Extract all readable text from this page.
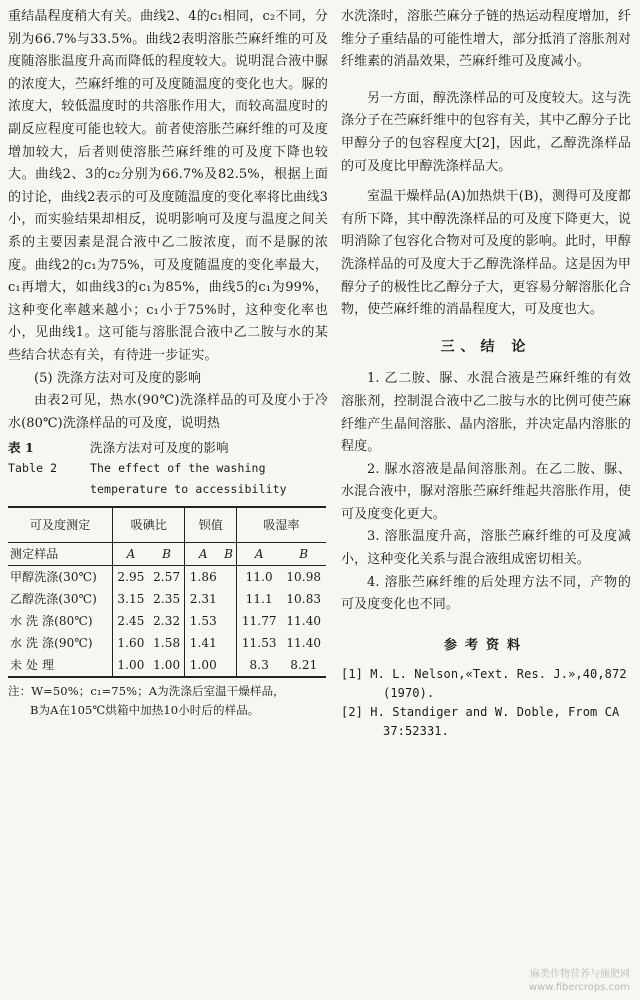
重结晶程度稍大有关。曲线2、4的c₁相同，c₂不同，分别为66.7%与33.5%。曲线2表明溶胀苎麻纤维的可及度随溶胀温度升高而降低的程度较大。说明混合液中脲的浓度大，苎麻纤维的可及度随温度的变化也大。脲的浓度大，较低温度时的共溶胀作用大，而较高温度时的副反应程度可能也较大。前者使溶胀苎麻纤维的可及度增加较大，后者则使溶胀苎麻纤维的可及度下降也较大。曲线2、3的c₂分别为66.7%及82.5%，根据上面的讨论，曲线2表示的可及度随温度的变化率将比曲线3小，而实验结果却相反，说明影响可及度与温度之间关系的主要因素是混合液中乙二胺浓度，而不是脲的浓度。曲线2的c₁为75%，可及度随温度的变化率最大，c₁再增大，如曲线3的c₁为85%，曲线5的c₁为99%，这种变化率越来越小；c₁小于75%时，这种变化率也小，见曲线1。这可能与溶胀混合液中乙二胺与水的某些结合状态有关，有待进一步证实。

(5) 洗涤方法对可及度的影响

由表2可见，热水(90℃)洗涤样品的可及度小于冷水(80℃)洗涤样品的可及度，说明热

表 1	洗涤方法对可及度的影响
Table 2	The effect of the washing
temperature to accessibility
可及度测定	吸碘比		钡值		吸湿率	
测定样品	A	B	A	B	A	B
甲醇洗涤(30℃)	2.95	2.57	1.86		11.0	10.98
乙醇洗涤(30℃)	3.15	2.35	2.31		11.1	10.83
水 洗 涤(80℃)	2.45	2.32	1.53		11.77	11.40
水 洗 涤(90℃)	1.60	1.58	1.41		11.53	11.40
未 处 理	1.00	1.00	1.00		8.3	8.21
注：W=50%；c₁=75%；A为洗涤后室温干燥样品，
B为A在105℃烘箱中加热10小时后的样品。

水洗涤时，溶胀苎麻分子链的热运动程度增加，纤维分子重结晶的可能性增大，部分抵消了溶胀剂对纤维素的消晶效果，苎麻纤维可及度减小。

另一方面，醇洗涤样品的可及度较大。这与洗涤分子在苎麻纤维中的包容有关，其中乙醇分子比甲醇分子的包容程度大[2]，因此，乙醇洗涤样品的可及度比甲醇洗涤样品大。

室温干燥样品(A)加热烘干(B)，测得可及度都有所下降，其中醇洗涤样品的可及度下降更大，说明消除了包容化合物对可及度的影响。此时，甲醇洗涤样品的可及度大于乙醇洗涤样品。这是因为甲醇分子的极性比乙醇分子大，更容易分解溶胀化合物，使苎麻纤维的消晶程度大，可及度也大。

三、结 论

1. 乙二胺、脲、水混合液是苎麻纤维的有效溶胀剂，控制混合液中乙二胺与水的比例可使苎麻纤维产生晶间溶胀、晶内溶胀，并决定晶内溶胀的程度。

2. 脲水溶液是晶间溶胀剂。在乙二胺、脲、水混合液中，脲对溶胀苎麻纤维起共溶胀作用，使可及度变化更大。

3. 溶胀温度升高，溶胀苎麻纤维的可及度减小，这种变化关系与混合液组成密切相关。

4. 溶胀苎麻纤维的后处理方法不同，产物的可及度变化也不同。

参考资料
[1] M. L. Nelson,«Text. Res. J.»,40,872
(1970).
[2] H. Standiger and W. Doble, From CA
37:52331.
麻类作物营养与施肥网
www.fibercrops.com
